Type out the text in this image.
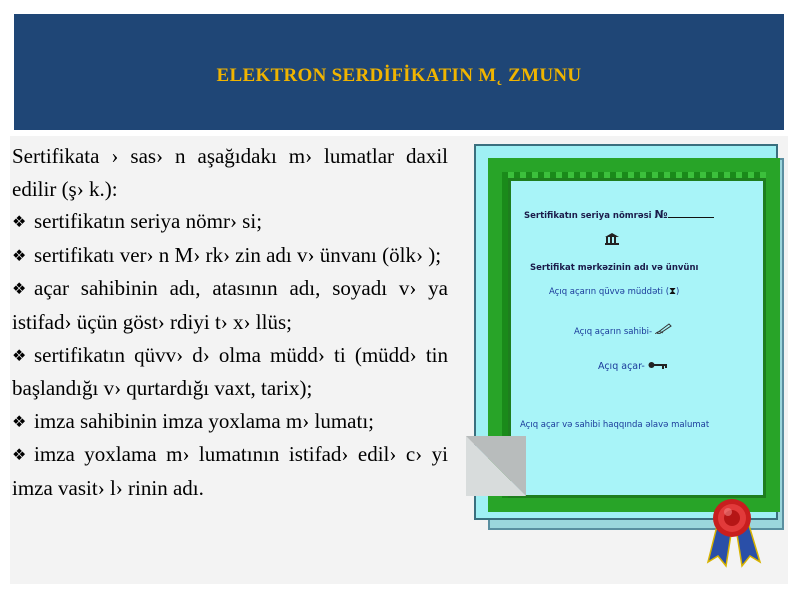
ELEKTRON SERDİFİKATIN M˛ ZMUNU

Sertifikata › sas› n aşağıdakı m› lumatlar daxil edilir (ş› k.):

❖ sertifikatın seriya nömr› si;

❖ sertifikatı ver› n M› rk› zin adı v› ünvanı (ölk› );

❖ açar sahibinin adı, atasının adı, soyadı v› ya istifad› üçün göst› rdiyi t› x› llüs;

❖ sertifikatın qüvv› d› olma müdd› ti (müdd› tin başlandığı v› qurtardığı vaxt, tarix);

❖ imza sahibinin imza yoxlama m› lumatı;

❖ imza yoxlama m› lumatının istifad› edil› c› yi imza vasit› l› rinin adı.

Sertifikatın seriya nömrəsi №
Sertifikat mərkəzinin adı və ünvünı
Açıq açarın qüvvə müddəti (⧗)
Açıq açarın sahibi-
Açıq açar-
Açıq açar və sahibi haqqında əlavə malumat
